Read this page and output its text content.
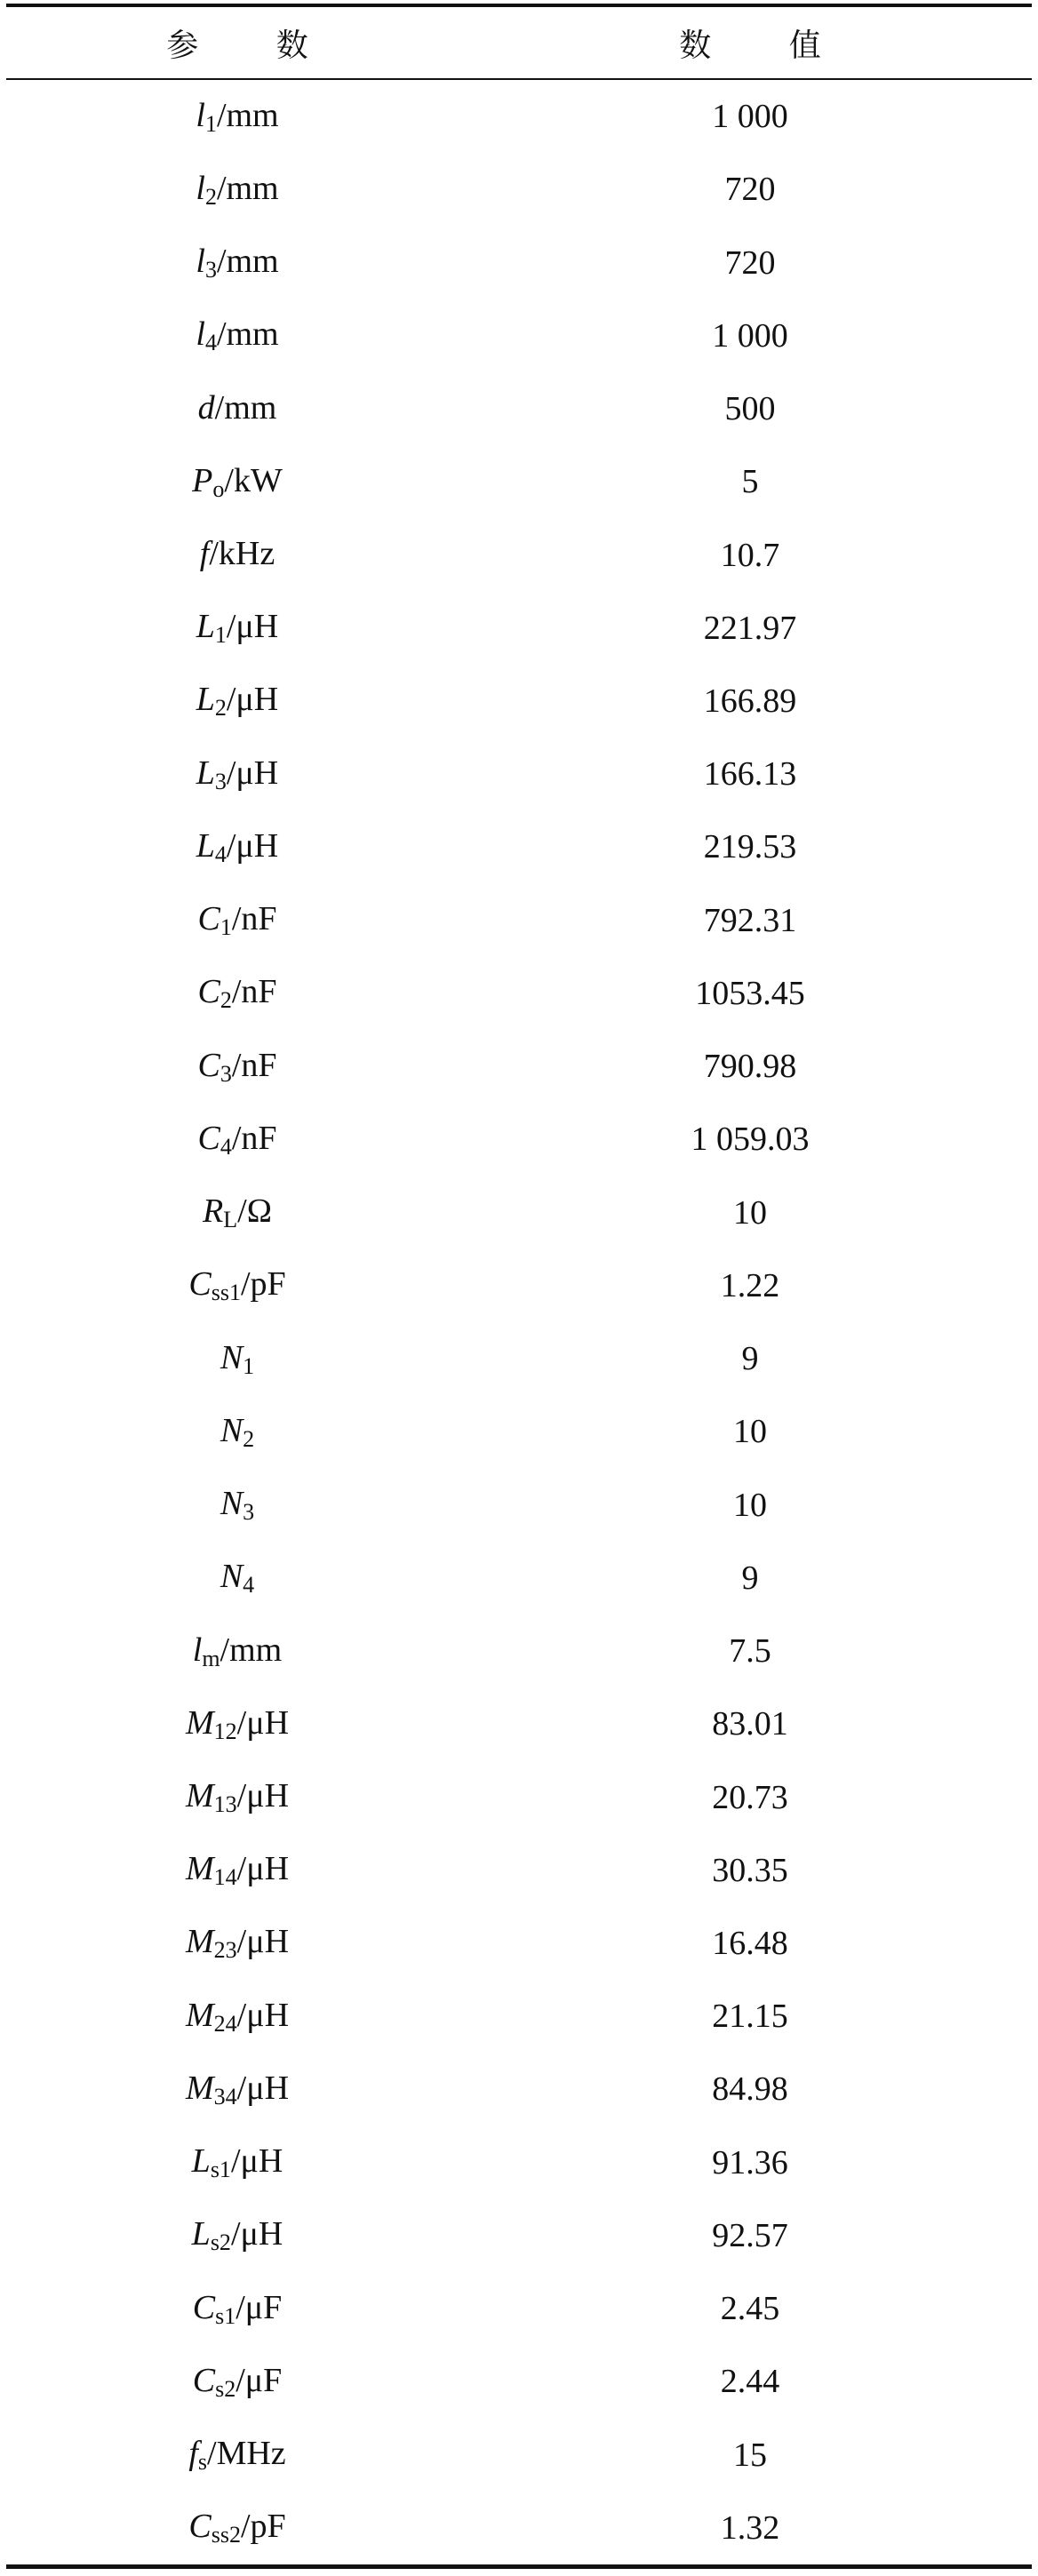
参 数	数 值
$l_1/mm$	1 000
$l_2/mm$	720
$l_3/mm$	720
$l_4/mm$	1 000
d/mm	500
$P_o/kW$	5
f/kHz	10.7
$L_1/\mu H$	221.97
$L_2/\mu H$	166.89
$L_3/\mu H$	166.13
$L_4/\mu H$	219.53
$C_1/nF$	792.31
$C_2/nF$	1053.45
$C_3/nF$	790.98
$C_4/nF$	1 059.03
$R_L/\Omega$	10
$C_{ss1}/pF$	1.22
$N_1$	9
$N_2$	10
$N_3$	10
$N_4$	9
$l_m/mm$	7.5
$M_{12}/\mu H$	83.01
$M_{13}/\mu H$	20.73
$M_{14}/\mu H$	30.35
$M_{23}/\mu H$	16.48
$M_{24}/\mu H$	21.15
$M_{34}/\mu H$	84.98
$L_{s1}/\mu H$	91.36
$L_{s2}/\mu H$	92.57
$C_{s1}/\mu F$	2.45
$C_{s2}/\mu F$	2.44
$f_s$/MHz	15
$C_{ss2}/pF$	1.32
